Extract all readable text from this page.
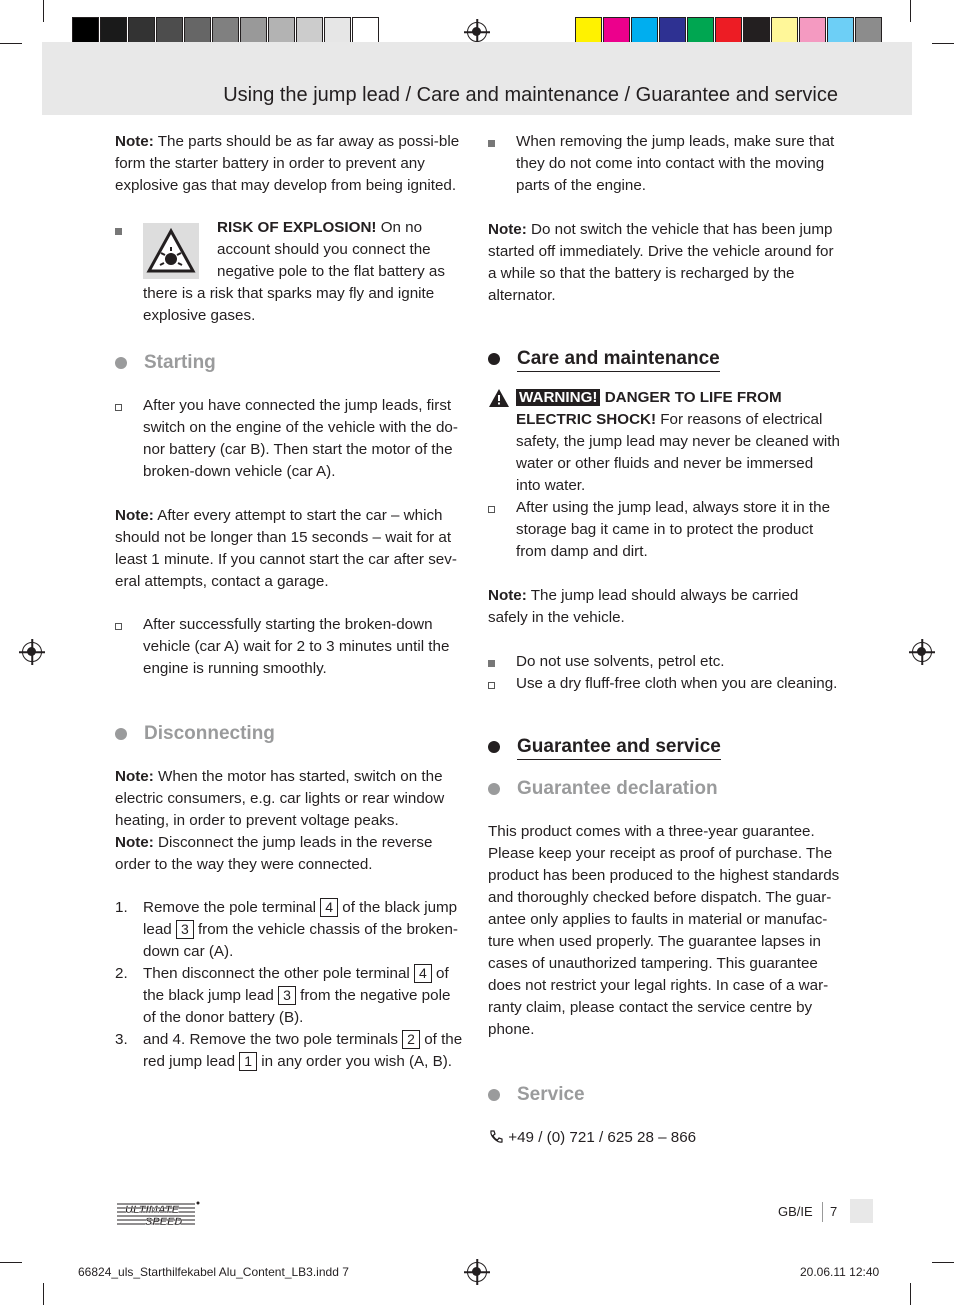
Using the jump lead / Care and maintenance / Guarantee and service

Note: The parts should be as far away as possi-ble form the starter battery in order to prevent any explosive gas that may develop from being ignited.

RISK OF EXPLOSION! On no account should you connect the negative pole to the flat battery as
there is a risk that sparks may fly and ignite explosive gases.
Starting
After you have connected the jump leads, first switch on the engine of the vehicle with the do-nor battery (car B). Then start the motor of the broken-down vehicle (car A).

Note: After every attempt to start the car – which should not be longer than 15 seconds – wait for at least 1 minute. If you cannot start the car after sev-eral attempts, contact a garage.

After successfully starting the broken-down vehicle (car A) wait for 2 to 3 minutes until the engine is running smoothly.
Disconnecting

Note: When the motor has started, switch on the electric consumers, e.g. car lights or rear window heating, in order to prevent voltage peaks.

Note: Disconnect the jump leads in the reverse order to the way they were connected.

1. Remove the pole terminal 4 of the black jump lead 3 from the vehicle chassis of the broken-down car (A).
2. Then disconnect the other pole terminal 4 of the black jump lead 3 from the negative pole of the donor battery (B).
3. and 4. Remove the two pole terminals 2 of the red jump lead 1 in any order you wish (A, B).
When removing the jump leads, make sure that they do not come into contact with the moving parts of the engine.

Note: Do not switch the vehicle that has been jump started off immediately. Drive the vehicle around for a while so that the battery is recharged by the alternator.

Care and maintenance
WARNING! DANGER TO LIFE FROM ELECTRIC SHOCK! For reasons of electrical safety, the jump lead may never be cleaned with water or other fluids and never be immersed into water.
After using the jump lead, always store it in the storage bag it came in to protect the product from damp and dirt.

Note: The jump lead should always be carried safely in the vehicle.

Do not use solvents, petrol etc.
Use a dry fluff-free cloth when you are cleaning.
Guarantee and service
Guarantee declaration

This product comes with a three-year guarantee. Please keep your receipt as proof of purchase. The product has been produced to the highest standards and thoroughly checked before dispatch. The guar-antee only applies to faults in material or manufac-ture when used properly. The guarantee lapses in cases of unauthorized tampering. This guarantee does not restrict your legal rights. In case of a war-ranty claim, please contact the service centre by phone.

Service

+49 / (0) 721 / 625 28 – 866

ULTIMATE
SPEED
GB/IE 7
66824_uls_Starthilfekabel Alu_Content_LB3.indd 7	20.06.11 12:40
